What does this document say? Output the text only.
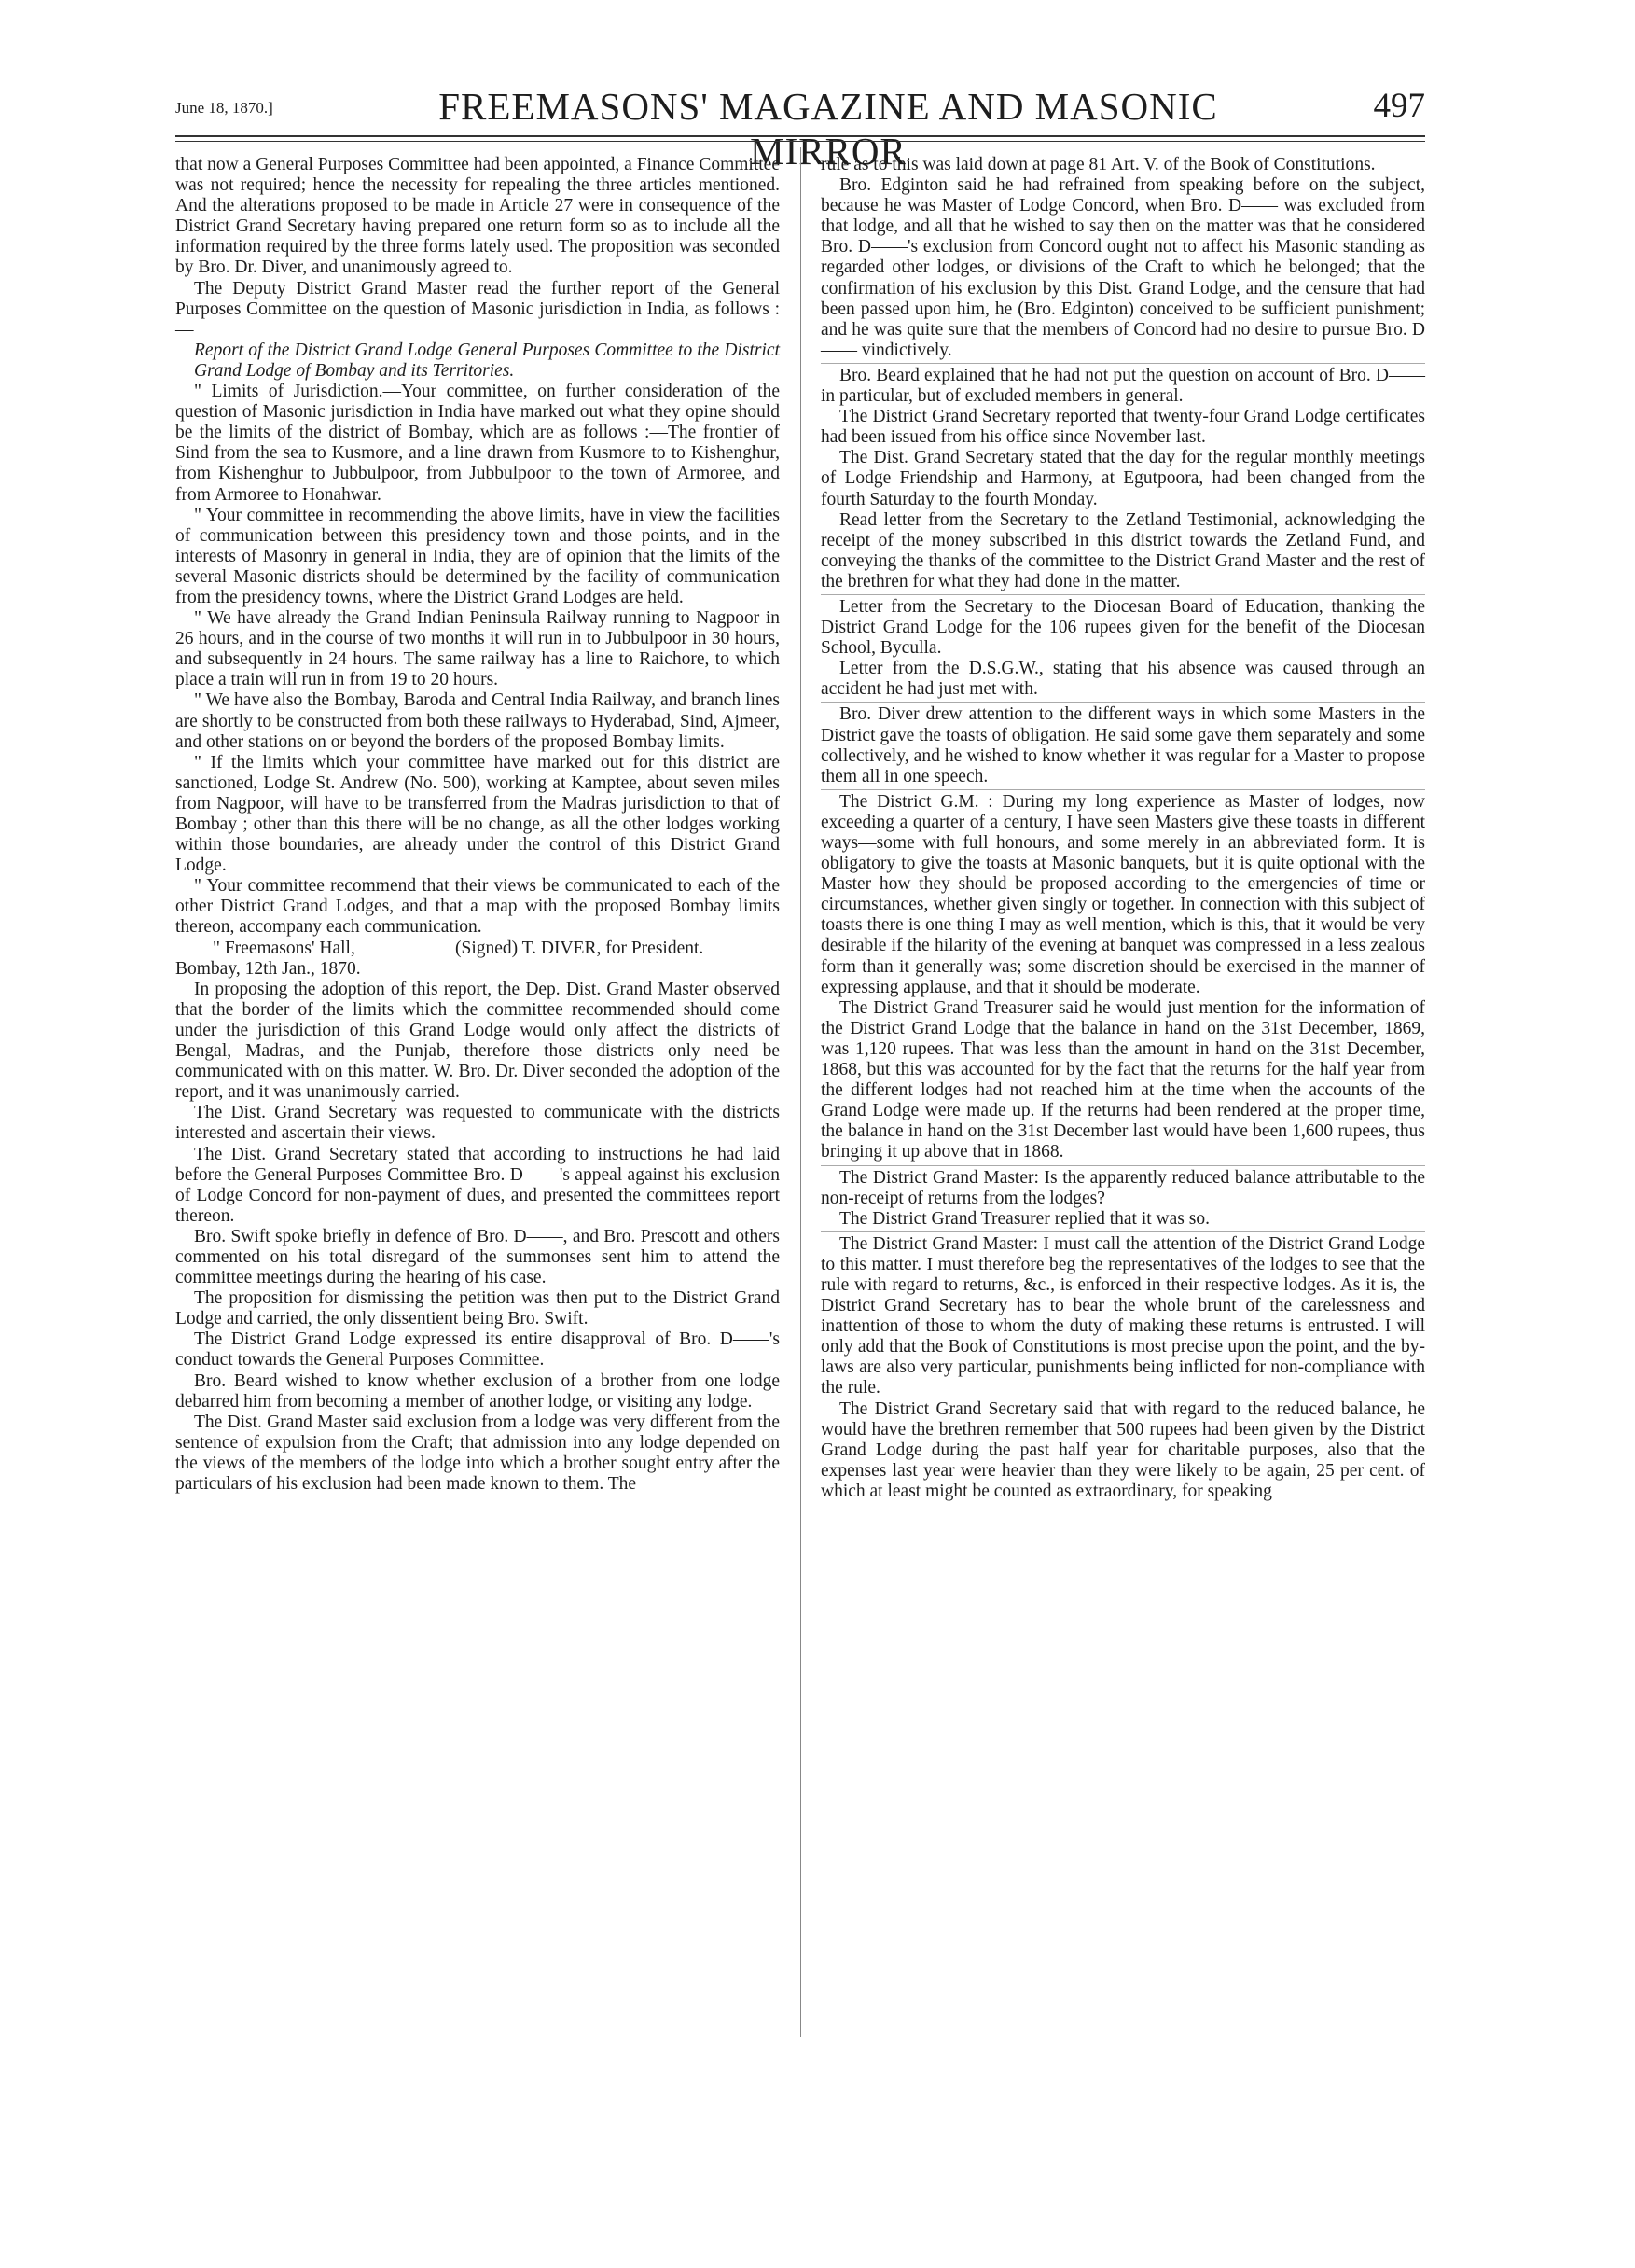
June 18, 1870.]	FREEMASONS' MAGAZINE AND MASONIC MIRROR
497

that now a General Purposes Committee had been appointed, a Finance Committee was not required; hence the necessity for repealing the three articles mentioned. And the alterations proposed to be made in Article 27 were in consequence of the District Grand Secretary having prepared one return form so as to include all the information required by the three forms lately used. The proposition was seconded by Bro. Dr. Diver, and unanimously agreed to.

The Deputy District Grand Master read the further report of the General Purposes Committee on the question of Masonic jurisdiction in India, as follows :—

Report of the District Grand Lodge General Purposes Committee to the District Grand Lodge of Bombay and its Territories.

" Limits of Jurisdiction.—Your committee, on further consideration of the question of Masonic jurisdiction in India have marked out what they opine should be the limits of the district of Bombay, which are as follows :—The frontier of Sind from the sea to Kusmore, and a line drawn from Kusmore to to Kishenghur, from Kishenghur to Jubbulpoor, from Jubbulpoor to the town of Armoree, and from Armoree to Honahwar.

" Your committee in recommending the above limits, have in view the facilities of communication between this presidency town and those points, and in the interests of Masonry in general in India, they are of opinion that the limits of the several Masonic districts should be determined by the facility of communication from the presidency towns, where the District Grand Lodges are held.

" We have already the Grand Indian Peninsula Railway running to Nagpoor in 26 hours, and in the course of two months it will run in to Jubbulpoor in 30 hours, and subsequently in 24 hours. The same railway has a line to Raichore, to which place a train will run in from 19 to 20 hours.

" We have also the Bombay, Baroda and Central India Railway, and branch lines are shortly to be constructed from both these railways to Hyderabad, Sind, Ajmeer, and other stations on or beyond the borders of the proposed Bombay limits.

" If the limits which your committee have marked out for this district are sanctioned, Lodge St. Andrew (No. 500), working at Kamptee, about seven miles from Nagpoor, will have to be transferred from the Madras jurisdiction to that of Bombay ; other than this there will be no change, as all the other lodges working within those boundaries, are already under the control of this District Grand Lodge.

" Your committee recommend that their views be communicated to each of the other District Grand Lodges, and that a map with the proposed Bombay limits thereon, accompany each communication.

" Freemasons' Hall,	(Signed) T. DIVER, for President.

Bombay, 12th Jan., 1870.

In proposing the adoption of this report, the Dep. Dist. Grand Master observed that the border of the limits which the committee recommended should come under the jurisdiction of this Grand Lodge would only affect the districts of Bengal, Madras, and the Punjab, therefore those districts only need be communicated with on this matter. W. Bro. Dr. Diver seconded the adoption of the report, and it was unanimously carried.

The Dist. Grand Secretary was requested to communicate with the districts interested and ascertain their views.

The Dist. Grand Secretary stated that according to instructions he had laid before the General Purposes Committee Bro. D——'s appeal against his exclusion of Lodge Concord for non-payment of dues, and presented the committees report thereon.

Bro. Swift spoke briefly in defence of Bro. D——, and Bro. Prescott and others commented on his total disregard of the summonses sent him to attend the committee meetings during the hearing of his case.

The proposition for dismissing the petition was then put to the District Grand Lodge and carried, the only dissentient being Bro. Swift.

The District Grand Lodge expressed its entire disapproval of Bro. D——'s conduct towards the General Purposes Committee.

Bro. Beard wished to know whether exclusion of a brother from one lodge debarred him from becoming a member of another lodge, or visiting any lodge.

The Dist. Grand Master said exclusion from a lodge was very different from the sentence of expulsion from the Craft; that admission into any lodge depended on the views of the members of the lodge into which a brother sought entry after the particulars of his exclusion had been made known to them. The

rule as to this was laid down at page 81 Art. V. of the Book of Constitutions.

Bro. Edginton said he had refrained from speaking before on the subject, because he was Master of Lodge Concord, when Bro. D—— was excluded from that lodge, and all that he wished to say then on the matter was that he considered Bro. D——'s exclusion from Concord ought not to affect his Masonic standing as regarded other lodges, or divisions of the Craft to which he belonged; that the confirmation of his exclusion by this Dist. Grand Lodge, and the censure that had been passed upon him, he (Bro. Edginton) conceived to be sufficient punishment; and he was quite sure that the members of Concord had no desire to pursue Bro. D—— vindictively.

Bro. Beard explained that he had not put the question on account of Bro. D—— in particular, but of excluded members in general.

The District Grand Secretary reported that twenty-four Grand Lodge certificates had been issued from his office since November last.

The Dist. Grand Secretary stated that the day for the regular monthly meetings of Lodge Friendship and Harmony, at Egutpoora, had been changed from the fourth Saturday to the fourth Monday.

Read letter from the Secretary to the Zetland Testimonial, acknowledging the receipt of the money subscribed in this district towards the Zetland Fund, and conveying the thanks of the committee to the District Grand Master and the rest of the brethren for what they had done in the matter.

Letter from the Secretary to the Diocesan Board of Education, thanking the District Grand Lodge for the 106 rupees given for the benefit of the Diocesan School, Byculla.

Letter from the D.S.G.W., stating that his absence was caused through an accident he had just met with.

Bro. Diver drew attention to the different ways in which some Masters in the District gave the toasts of obligation. He said some gave them separately and some collectively, and he wished to know whether it was regular for a Master to propose them all in one speech.

The District G.M. : During my long experience as Master of lodges, now exceeding a quarter of a century, I have seen Masters give these toasts in different ways—some with full honours, and some merely in an abbreviated form. It is obligatory to give the toasts at Masonic banquets, but it is quite optional with the Master how they should be proposed according to the emergencies of time or circumstances, whether given singly or together. In connection with this subject of toasts there is one thing I may as well mention, which is this, that it would be very desirable if the hilarity of the evening at banquet was compressed in a less zealous form than it generally was; some discretion should be exercised in the manner of expressing applause, and that it should be moderate.

The District Grand Treasurer said he would just mention for the information of the District Grand Lodge that the balance in hand on the 31st December, 1869, was 1,120 rupees. That was less than the amount in hand on the 31st December, 1868, but this was accounted for by the fact that the returns for the half year from the different lodges had not reached him at the time when the accounts of the Grand Lodge were made up. If the returns had been rendered at the proper time, the balance in hand on the 31st December last would have been 1,600 rupees, thus bringing it up above that in 1868.

The District Grand Master: Is the apparently reduced balance attributable to the non-receipt of returns from the lodges?

The District Grand Treasurer replied that it was so.

The District Grand Master: I must call the attention of the District Grand Lodge to this matter. I must therefore beg the representatives of the lodges to see that the rule with regard to returns, &c., is enforced in their respective lodges. As it is, the District Grand Secretary has to bear the whole brunt of the carelessness and inattention of those to whom the duty of making these returns is entrusted. I will only add that the Book of Constitutions is most precise upon the point, and the by-laws are also very particular, punishments being inflicted for non-compliance with the rule.

The District Grand Secretary said that with regard to the reduced balance, he would have the brethren remember that 500 rupees had been given by the District Grand Lodge during the past half year for charitable purposes, also that the expenses last year were heavier than they were likely to be again, 25 per cent. of which at least might be counted as extraordinary, for speaking
